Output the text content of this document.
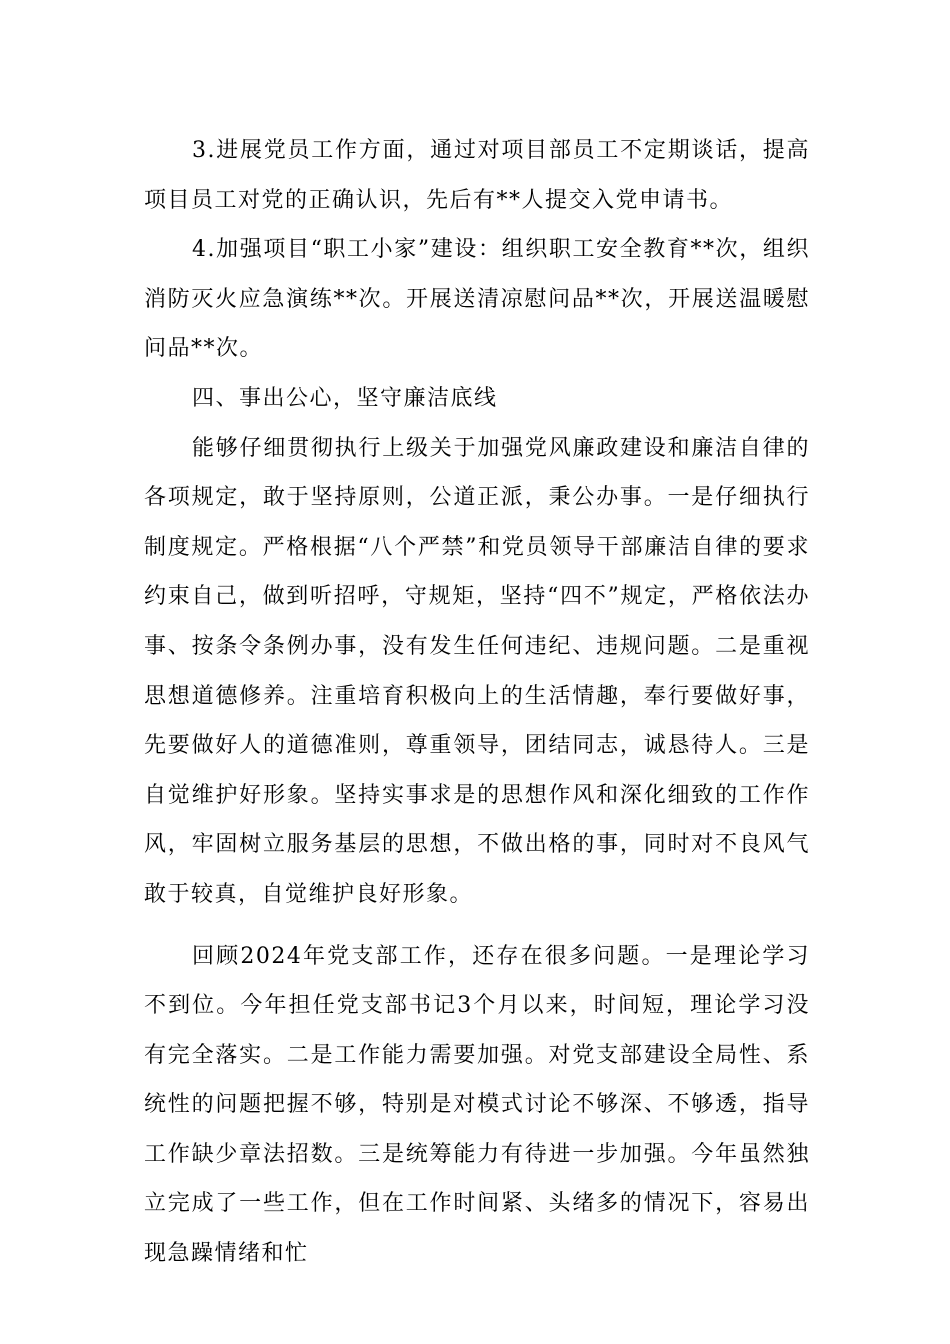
3.进展党员工作方面，通过对项目部员工不定期谈话，提高项目员工对党的正确认识，先后有**人提交入党申请书。

4.加强项目“职工小家”建设：组织职工安全教育**次，组织消防灭火应急演练**次。开展送清凉慰问品**次，开展送温暖慰问品**次。

四、事出公心，坚守廉洁底线

能够仔细贯彻执行上级关于加强党风廉政建设和廉洁自律的各项规定，敢于坚持原则，公道正派，秉公办事。一是仔细执行制度规定。严格根据“八个严禁”和党员领导干部廉洁自律的要求约束自己，做到听招呼，守规矩，坚持“四不”规定，严格依法办事、按条令条例办事，没有发生任何违纪、违规问题。二是重视思想道德修养。注重培育积极向上的生活情趣，奉行要做好事，先要做好人的道德准则，尊重领导，团结同志，诚恳待人。三是自觉维护好形象。坚持实事求是的思想作风和深化细致的工作作风，牢固树立服务基层的思想，不做出格的事，同时对不良风气敢于较真，自觉维护良好形象。

回顾2024年党支部工作，还存在很多问题。一是理论学习不到位。今年担任党支部书记3个月以来，时间短，理论学习没有完全落实。二是工作能力需要加强。对党支部建设全局性、系统性的问题把握不够，特别是对模式讨论不够深、不够透，指导工作缺少章法招数。三是统筹能力有待进一步加强。今年虽然独立完成了一些工作，但在工作时间紧、头绪多的情况下，容易出现急躁情绪和忙
